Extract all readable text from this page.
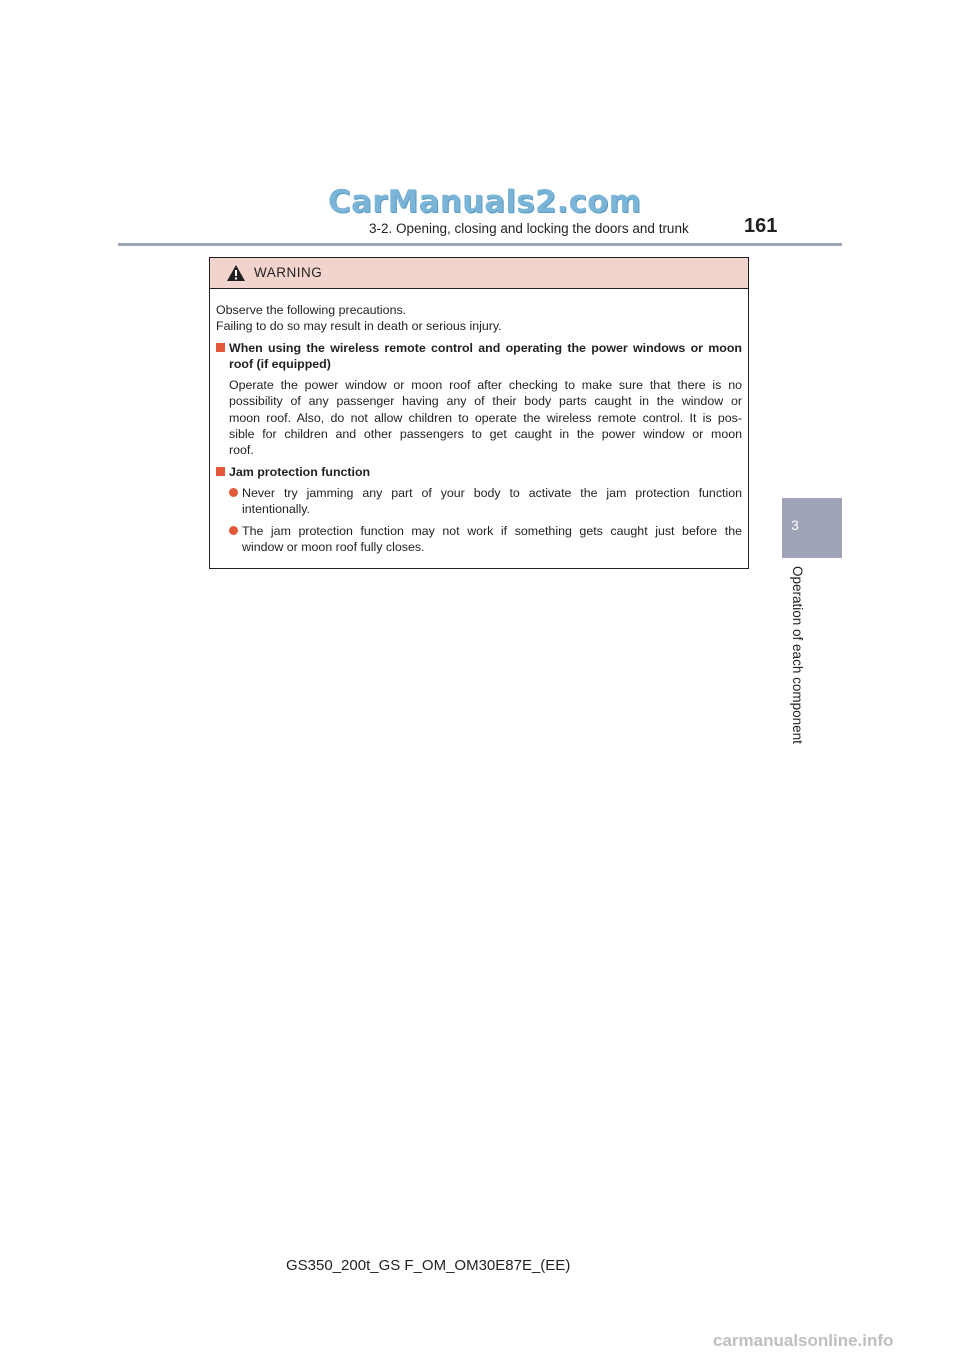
CarManuals2.com
3-2. Opening, closing and locking the doors and trunk	161
3
Operation of each component
WARNING
Observe the following precautions.
Failing to do so may result in death or serious injury.
When using the wireless remote control and operating the power windows or moon
roof (if equipped)
Operate the power window or moon roof after checking to make sure that there is no
possibility of any passenger having any of their body parts caught in the window or
moon roof. Also, do not allow children to operate the wireless remote control. It is pos-
sible for children and other passengers to get caught in the power window or moon
roof.
Jam protection function
Never try jamming any part of your body to activate the jam protection function
intentionally.
The jam protection function may not work if something gets caught just before the
window or moon roof fully closes.
GS350_200t_GS F_OM_OM30E87E_(EE)
carmanualsonline.info
